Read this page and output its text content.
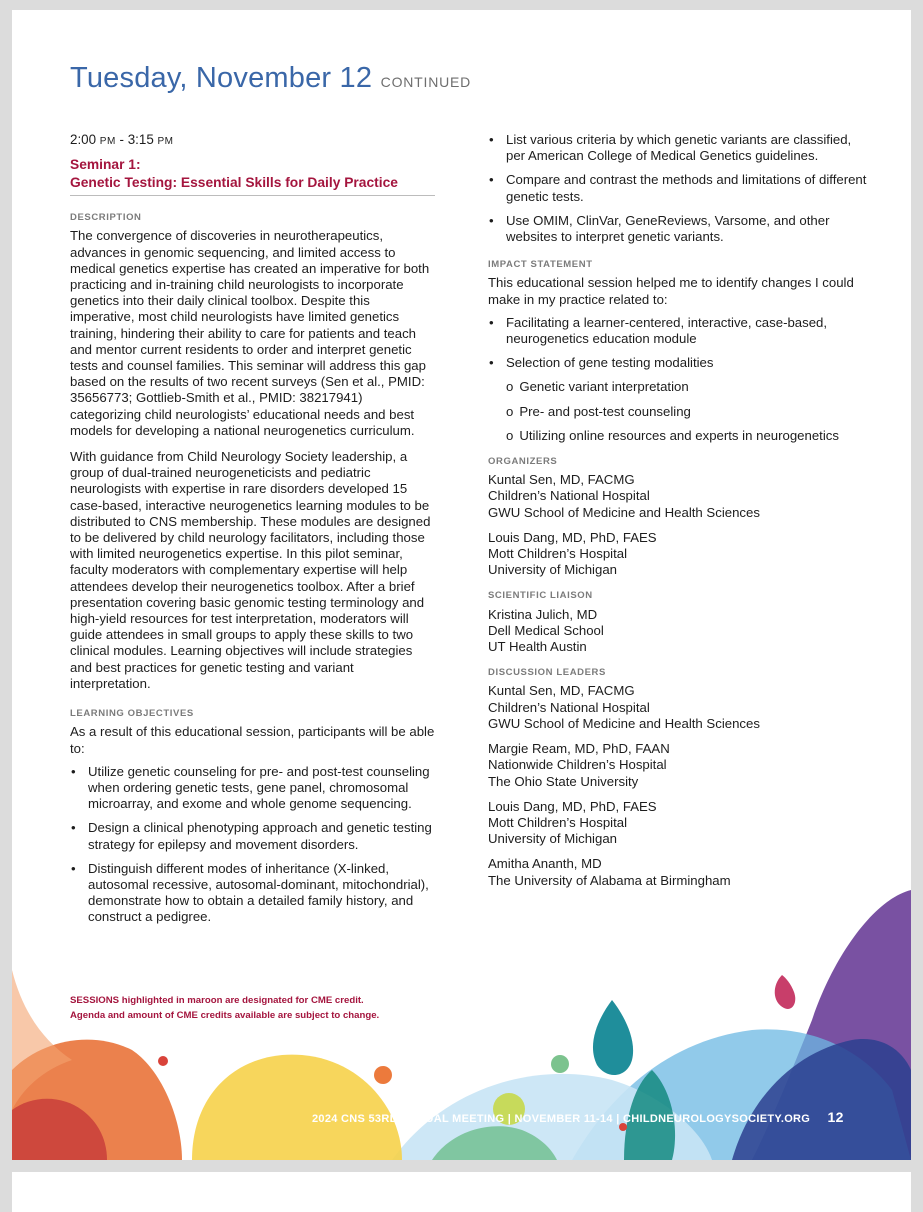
Tuesday, November 12 CONTINUED
2:00 PM - 3:15 PM
Seminar 1:
Genetic Testing: Essential Skills for Daily Practice
DESCRIPTION

The convergence of discoveries in neurotherapeutics, advances in genomic sequencing, and limited access to medical genetics expertise has created an imperative for both practicing and in-training child neurologists to incorporate genetics into their daily clinical toolbox. Despite this imperative, most child neurologists have limited genetics training, hindering their ability to care for patients and teach and mentor current residents to order and interpret genetic tests and counsel families. This seminar will address this gap based on the results of two recent surveys (Sen et al., PMID: 35656773; Gottlieb-Smith et al., PMID: 38217941) categorizing child neurologists’ educational needs and best models for developing a national neurogenetics curriculum.

With guidance from Child Neurology Society leadership, a group of dual-trained neurogeneticists and pediatric neurologists with expertise in rare disorders developed 15 case-based, interactive neurogenetics learning modules to be distributed to CNS membership. These modules are designed to be delivered by child neurology facilitators, including those with limited neurogenetics expertise. In this pilot seminar, faculty moderators with complementary expertise will help attendees develop their neurogenetics toolbox. After a brief presentation covering basic genomic testing terminology and high-yield resources for test interpretation, moderators will guide attendees in small groups to apply these skills to two clinical modules. Learning objectives will include strategies and best practices for genetic testing and variant interpretation.

LEARNING OBJECTIVES

As a result of this educational session, participants will be able to:

• Utilize genetic counseling for pre- and post-test counseling when ordering genetic tests, gene panel, chromosomal microarray, and exome and whole genome sequencing.
• Design a clinical phenotyping approach and genetic testing strategy for epilepsy and movement disorders.
• Distinguish different modes of inheritance (X-linked, autosomal recessive, autosomal-dominant, mitochondrial), demonstrate how to obtain a detailed family history, and construct a pedigree.
• List various criteria by which genetic variants are classified, per American College of Medical Genetics guidelines.
• Compare and contrast the methods and limitations of different genetic tests.
• Use OMIM, ClinVar, GeneReviews, Varsome, and other websites to interpret genetic variants.
IMPACT STATEMENT

This educational session helped me to identify changes I could make in my practice related to:

• Facilitating a learner-centered, interactive, case-based, neurogenetics education module
• Selection of gene testing modalities
o Genetic variant interpretation
o Pre- and post-test counseling
o Utilizing online resources and experts in neurogenetics
ORGANIZERS
Kuntal Sen, MD, FACMG
Children’s National Hospital
GWU School of Medicine and Health Sciences
Louis Dang, MD, PhD, FAES
Mott Children’s Hospital
University of Michigan
SCIENTIFIC LIAISON
Kristina Julich, MD
Dell Medical School
UT Health Austin
DISCUSSION LEADERS
Kuntal Sen, MD, FACMG
Children’s National Hospital
GWU School of Medicine and Health Sciences
Margie Ream, MD, PhD, FAAN
Nationwide Children’s Hospital
The Ohio State University
Louis Dang, MD, PhD, FAES
Mott Children’s Hospital
University of Michigan
Amitha Ananth, MD
The University of Alabama at Birmingham
SESSIONS highlighted in maroon are designated for CME credit.
Agenda and amount of CME credits available are subject to change.
2024 CNS 53RD ANNUAL MEETING | NOVEMBER 11-14 | CHILDNEUROLOGYSOCIETY.ORG 12
